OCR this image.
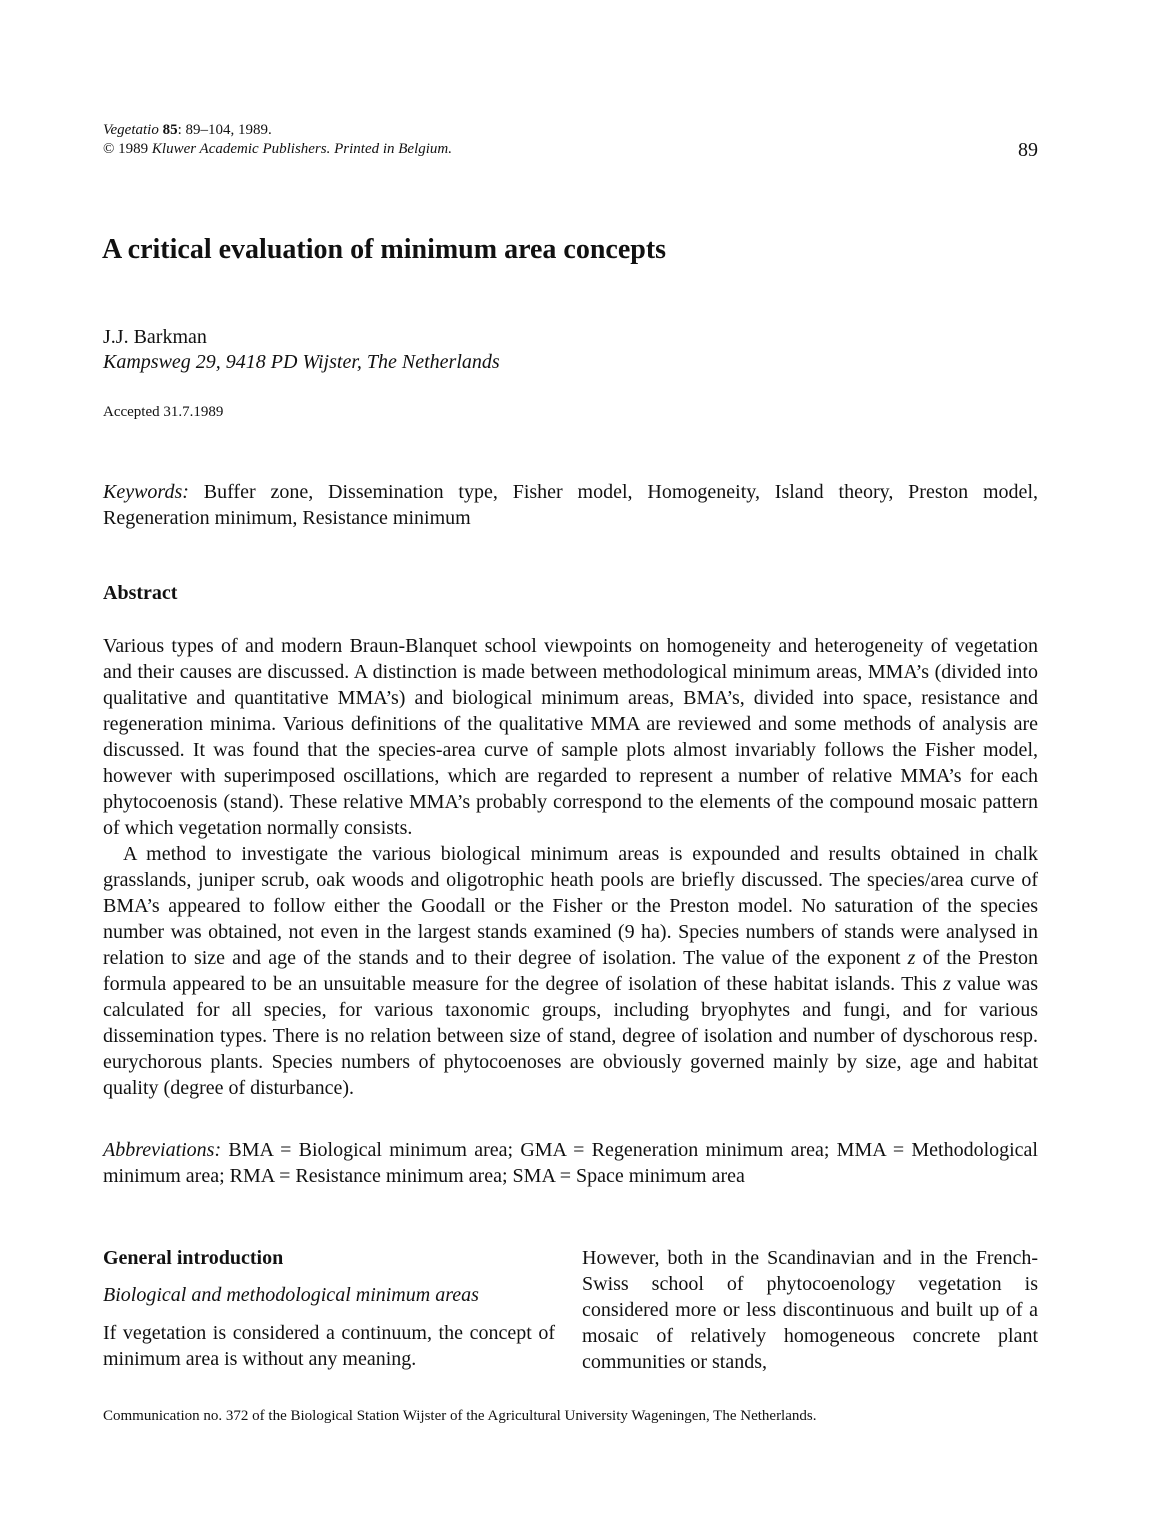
Vegetatio 85: 89–104, 1989.
© 1989 Kluwer Academic Publishers. Printed in Belgium.	89
A critical evaluation of minimum area concepts
J.J. Barkman
Kampsweg 29, 9418 PD Wijster, The Netherlands
Accepted 31.7.1989
Keywords: Buffer zone, Dissemination type, Fisher model, Homogeneity, Island theory, Preston model, Regeneration minimum, Resistance minimum
Abstract

Various types of and modern Braun-Blanquet school viewpoints on homogeneity and heterogeneity of vegetation and their causes are discussed. A distinction is made between methodological minimum areas, MMA’s (divided into qualitative and quantitative MMA’s) and biological minimum areas, BMA’s, divided into space, resistance and regeneration minima. Various definitions of the qualitative MMA are reviewed and some methods of analysis are discussed. It was found that the species-area curve of sample plots almost invariably follows the Fisher model, however with superimposed oscillations, which are regarded to represent a number of relative MMA’s for each phytocoenosis (stand). These relative MMA’s probably correspond to the elements of the compound mosaic pattern of which vegetation normally consists.

A method to investigate the various biological minimum areas is expounded and results obtained in chalk grasslands, juniper scrub, oak woods and oligotrophic heath pools are briefly discussed. The species/area curve of BMA’s appeared to follow either the Goodall or the Fisher or the Preston model. No saturation of the species number was obtained, not even in the largest stands examined (9 ha). Species numbers of stands were analysed in relation to size and age of the stands and to their degree of isolation. The value of the exponent z of the Preston formula appeared to be an unsuitable measure for the degree of isolation of these habitat islands. This z value was calculated for all species, for various taxonomic groups, including bryophytes and fungi, and for various dissemination types. There is no relation between size of stand, degree of isolation and number of dyschorous resp. eurychorous plants. Species numbers of phytocoenoses are obviously governed mainly by size, age and habitat quality (degree of disturbance).

Abbreviations: BMA = Biological minimum area; GMA = Regeneration minimum area; MMA = Methodological minimum area; RMA = Resistance minimum area; SMA = Space minimum area
General introduction
Biological and methodological minimum areas
If vegetation is considered a continuum, the concept of minimum area is without any meaning.
However, both in the Scandinavian and in the French-Swiss school of phytocoenology vegetation is considered more or less discontinuous and built up of a mosaic of relatively homogeneous concrete plant communities or stands,
Communication no. 372 of the Biological Station Wijster of the Agricultural University Wageningen, The Netherlands.
